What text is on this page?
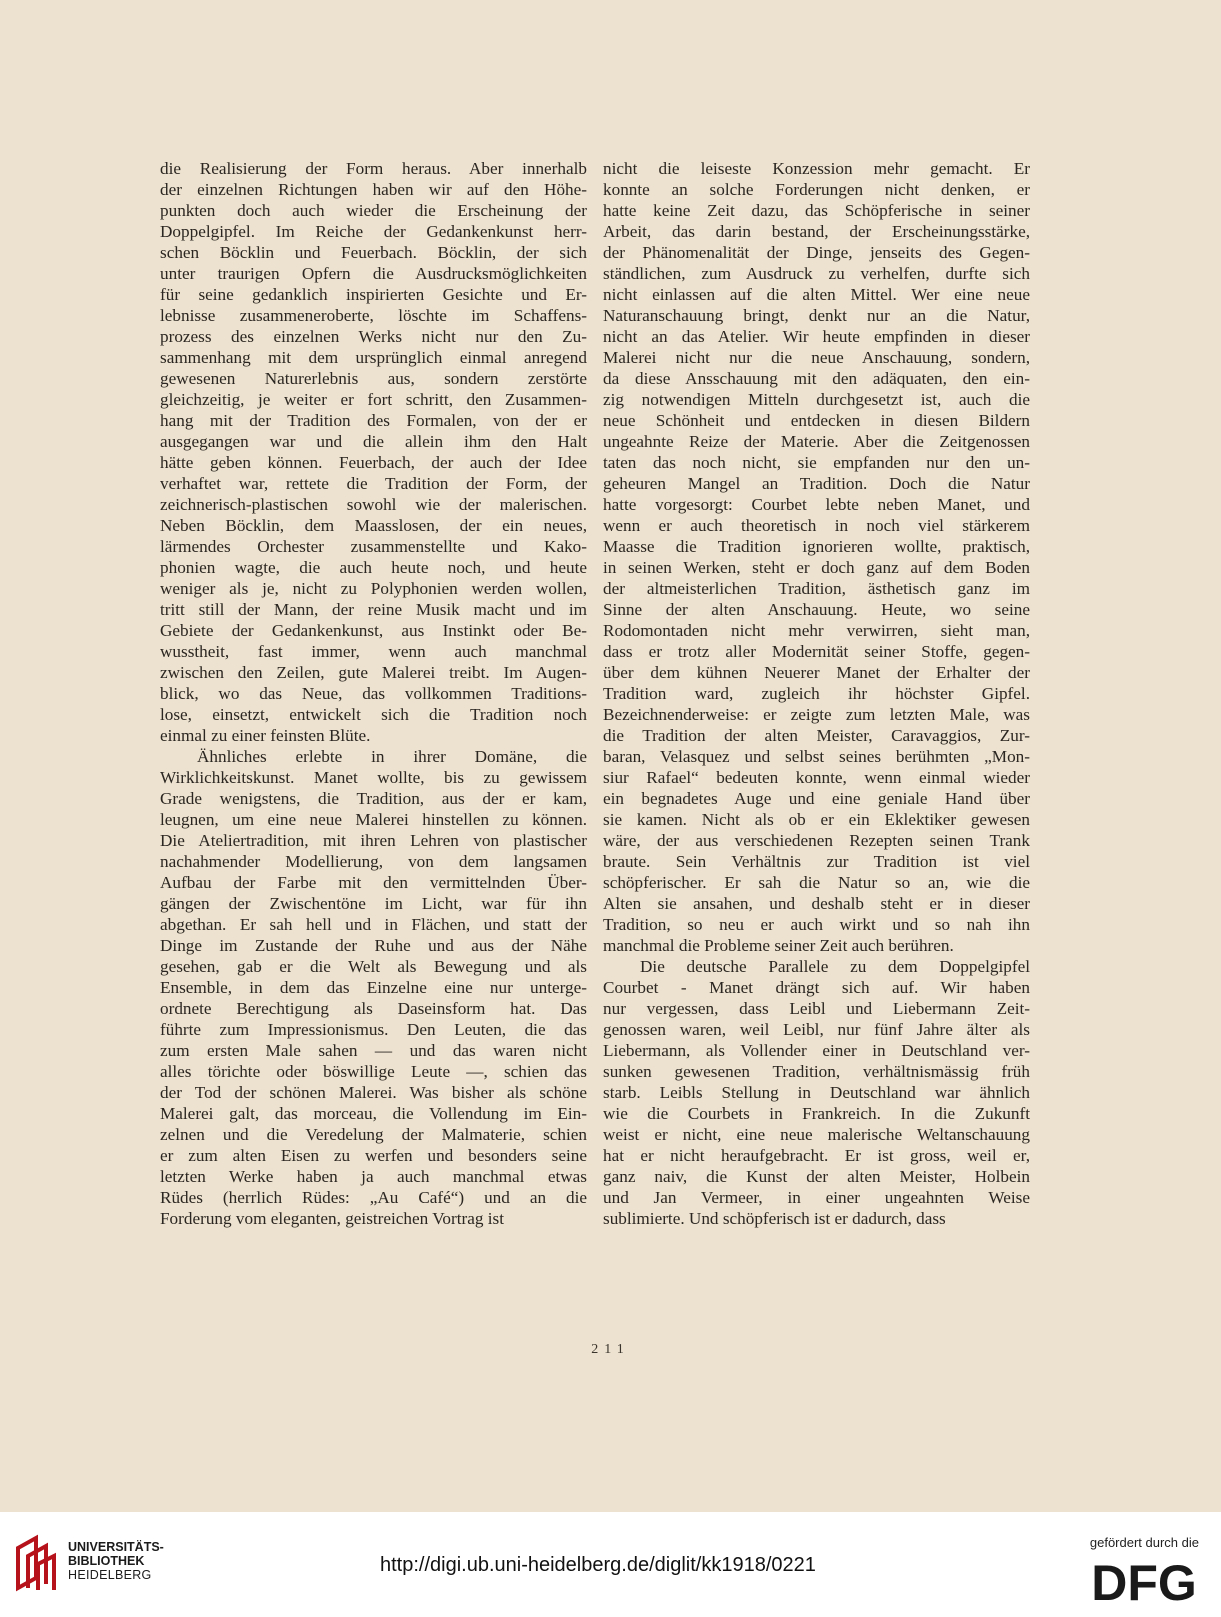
die Realisierung der Form heraus. Aber innerhalb
der einzelnen Richtungen haben wir auf den Höhe-
punkten doch auch wieder die Erscheinung der
Doppelgipfel. Im Reiche der Gedankenkunst herr-
schen Böcklin und Feuerbach. Böcklin, der sich
unter traurigen Opfern die Ausdrucksmöglichkeiten
für seine gedanklich inspirierten Gesichte und Er-
lebnisse zusammeneroberte, löschte im Schaffens-
prozess des einzelnen Werks nicht nur den Zu-
sammenhang mit dem ursprünglich einmal anregend
gewesenen Naturerlebnis aus, sondern zerstörte
gleichzeitig, je weiter er fort schritt, den Zusammen-
hang mit der Tradition des Formalen, von der er
ausgegangen war und die allein ihm den Halt
hätte geben können. Feuerbach, der auch der Idee
verhaftet war, rettete die Tradition der Form, der
zeichnerisch-plastischen sowohl wie der malerischen.
Neben Böcklin, dem Maasslosen, der ein neues,
lärmendes Orchester zusammenstellte und Kako-
phonien wagte, die auch heute noch, und heute
weniger als je, nicht zu Polyphonien werden wollen,
tritt still der Mann, der reine Musik macht und im
Gebiete der Gedankenkunst, aus Instinkt oder Be-
wusstheit, fast immer, wenn auch manchmal
zwischen den Zeilen, gute Malerei treibt. Im Augen-
blick, wo das Neue, das vollkommen Traditions-
lose, einsetzt, entwickelt sich die Tradition noch
einmal zu einer feinsten Blüte.
Ähnliches erlebte in ihrer Domäne, die
Wirklichkeitskunst. Manet wollte, bis zu gewissem
Grade wenigstens, die Tradition, aus der er kam,
leugnen, um eine neue Malerei hinstellen zu können.
Die Ateliertradition, mit ihren Lehren von plastischer
nachahmender Modellierung, von dem langsamen
Aufbau der Farbe mit den vermittelnden Über-
gängen der Zwischentöne im Licht, war für ihn
abgethan. Er sah hell und in Flächen, und statt der
Dinge im Zustande der Ruhe und aus der Nähe
gesehen, gab er die Welt als Bewegung und als
Ensemble, in dem das Einzelne eine nur unterge-
ordnete Berechtigung als Daseinsform hat. Das
führte zum Impressionismus. Den Leuten, die das
zum ersten Male sahen — und das waren nicht
alles törichte oder böswillige Leute —, schien das
der Tod der schönen Malerei. Was bisher als schöne
Malerei galt, das morceau, die Vollendung im Ein-
zelnen und die Veredelung der Malmaterie, schien
er zum alten Eisen zu werfen und besonders seine
letzten Werke haben ja auch manchmal etwas
Rüdes (herrlich Rüdes: „Au Café“) und an die
Forderung vom eleganten, geistreichen Vortrag ist
nicht die leiseste Konzession mehr gemacht. Er
konnte an solche Forderungen nicht denken, er
hatte keine Zeit dazu, das Schöpferische in seiner
Arbeit, das darin bestand, der Erscheinungsstärke,
der Phänomenalität der Dinge, jenseits des Gegen-
ständlichen, zum Ausdruck zu verhelfen, durfte sich
nicht einlassen auf die alten Mittel. Wer eine neue
Naturanschauung bringt, denkt nur an die Natur,
nicht an das Atelier. Wir heute empfinden in dieser
Malerei nicht nur die neue Anschauung, sondern,
da diese Ansschauung mit den adäquaten, den ein-
zig notwendigen Mitteln durchgesetzt ist, auch die
neue Schönheit und entdecken in diesen Bildern
ungeahnte Reize der Materie. Aber die Zeitgenossen
taten das noch nicht, sie empfanden nur den un-
geheuren Mangel an Tradition. Doch die Natur
hatte vorgesorgt: Courbet lebte neben Manet, und
wenn er auch theoretisch in noch viel stärkerem
Maasse die Tradition ignorieren wollte, praktisch,
in seinen Werken, steht er doch ganz auf dem Boden
der altmeisterlichen Tradition, ästhetisch ganz im
Sinne der alten Anschauung. Heute, wo seine
Rodomontaden nicht mehr verwirren, sieht man,
dass er trotz aller Modernität seiner Stoffe, gegen-
über dem kühnen Neuerer Manet der Erhalter der
Tradition ward, zugleich ihr höchster Gipfel.
Bezeichnenderweise: er zeigte zum letzten Male, was
die Tradition der alten Meister, Caravaggios, Zur-
baran, Velasquez und selbst seines berühmten „Mon-
siur Rafael“ bedeuten konnte, wenn einmal wieder
ein begnadetes Auge und eine geniale Hand über
sie kamen. Nicht als ob er ein Eklektiker gewesen
wäre, der aus verschiedenen Rezepten seinen Trank
braute. Sein Verhältnis zur Tradition ist viel
schöpferischer. Er sah die Natur so an, wie die
Alten sie ansahen, und deshalb steht er in dieser
Tradition, so neu er auch wirkt und so nah ihn
manchmal die Probleme seiner Zeit auch berühren.
Die deutsche Parallele zu dem Doppelgipfel
Courbet - Manet drängt sich auf. Wir haben
nur vergessen, dass Leibl und Liebermann Zeit-
genossen waren, weil Leibl, nur fünf Jahre älter als
Liebermann, als Vollender einer in Deutschland ver-
sunken gewesenen Tradition, verhältnismässig früh
starb. Leibls Stellung in Deutschland war ähnlich
wie die Courbets in Frankreich. In die Zukunft
weist er nicht, eine neue malerische Weltanschauung
hat er nicht heraufgebracht. Er ist gross, weil er,
ganz naiv, die Kunst der alten Meister, Holbein
und Jan Vermeer, in einer ungeahnten Weise
sublimierte. Und schöpferisch ist er dadurch, dass
211
UNIVERSITÄTS-
BIBLIOTHEK
HEIDELBERG	http://digi.ub.uni-heidelberg.de/diglit/kk1918/0221
gefördert durch die
DFG
